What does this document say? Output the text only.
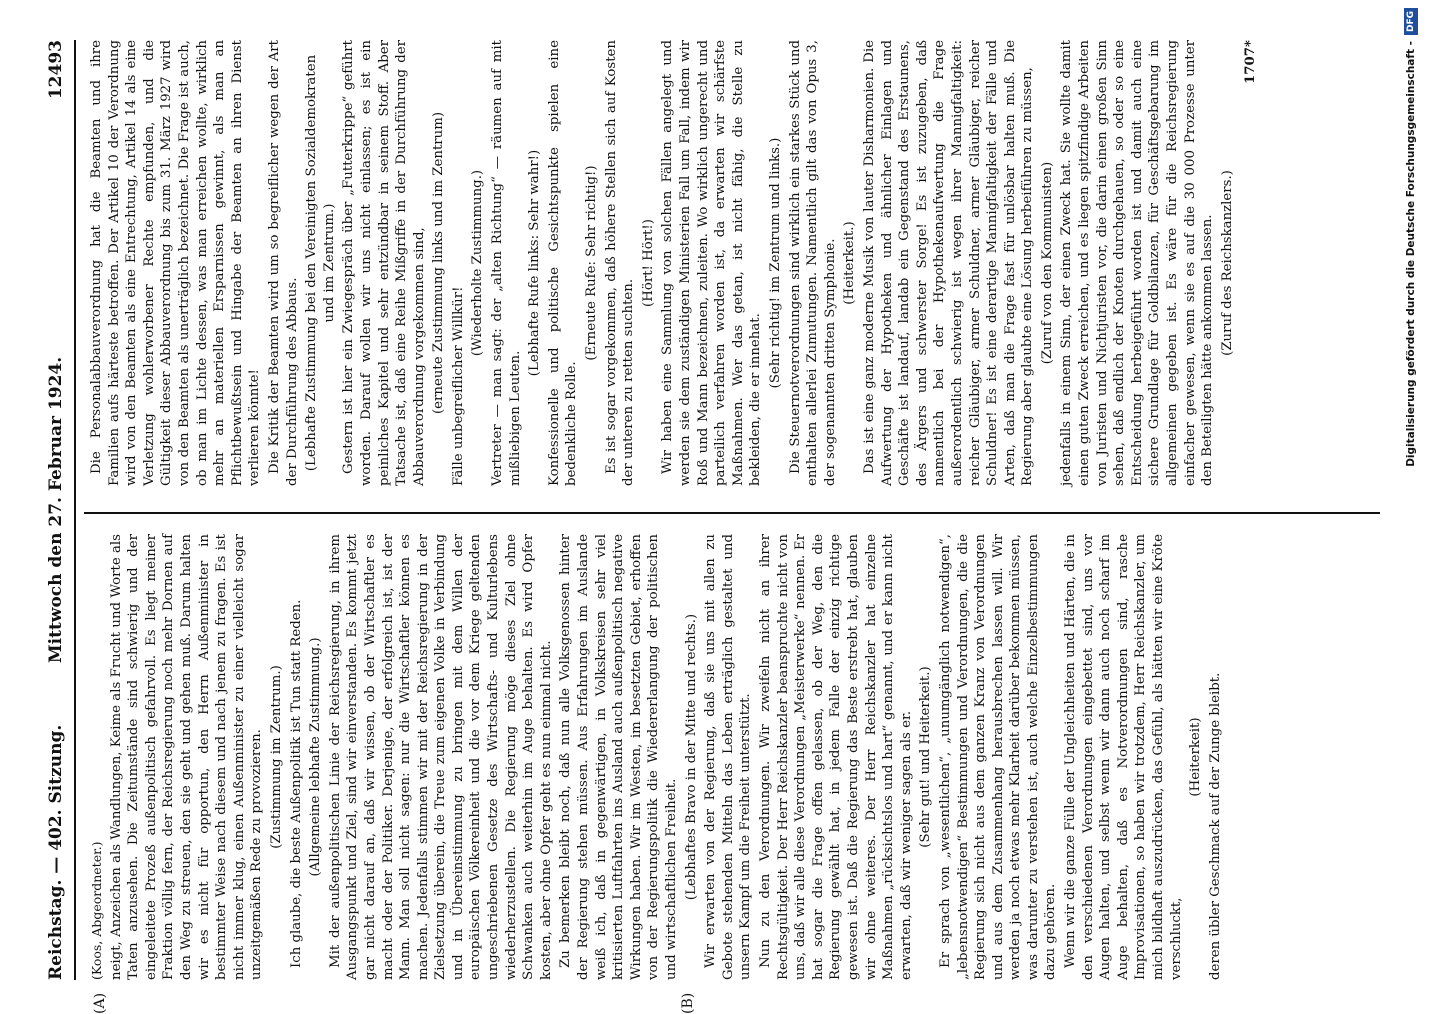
Reichstag. — 402. Sitzung.
Mittwoch den 27. Februar 1924.
12493
(A)	(B)

(Koos, Abgeordneter.) neigt, Anzeichen als Wandlungen, Keime als Frucht und Worte als Taten anzusehen. Die Zeitumstände sind schwierig und der eingeleitete Prozeß außenpolitisch gefahrvoll. Es liegt meiner Fraktion völlig fern, der Reichsregierung noch mehr Dornen auf den Weg zu streuen, den sie geht und gehen muß. Darum halten wir es nicht für opportun, den Herrn Außenminister in bestimmter Weise nach diesem und nach jenem zu fragen. Es ist nicht immer klug, einen Außenminister zu einer vielleicht sogar unzeitgemäßen Rede zu provozieren. (Zustimmung im Zentrum.) Ich glaube, die beste Außenpolitik ist Tun statt Reden. (Allgemeine lebhafte Zustimmung.) Mit der außenpolitischen Linie der Reichsregierung, in ihrem Ausgangspunkt und Ziel, sind wir einverstanden. Es kommt jetzt gar nicht darauf an, daß wir wissen, ob der Wirtschaftler es macht oder der Politiker. Derjenige, der erfolgreich ist, ist der Mann. Man soll nicht sagen: nur die Wirtschaftler können es machen. Jedenfalls stimmen wir mit der Reichsregierung in der Zielsetzung überein, die Treue zum eigenen Volke in Verbindung und in Übereinstimmung zu bringen mit dem Willen der europäischen Völkereinheit und die vor dem Kriege geltenden ungeschriebenen Gesetze des Wirtschafts- und Kulturlebens wiederherzustellen. Die Regierung möge dieses Ziel ohne Schwanken auch weiterhin im Auge behalten. Es wird Opfer kosten, aber ohne Opfer geht es nun einmal nicht. Zu bemerken bleibt noch, daß nun alle Volksgenossen hinter der Regierung stehen müssen. Aus Erfahrungen im Auslande weiß ich, daß in gegenwärtigen, in Volkskreisen sehr viel kritisierten Luftfahrten ins Ausland auch außenpolitisch negative Wirkungen haben. Wir im Westen, im besetzten Gebiet, erhoffen von der Regierungspolitik die Wiedererlangung der politischen und wirtschaftlichen Freiheit. (Lebhaftes Bravo in der Mitte und rechts.) Wir erwarten von der Regierung, daß sie uns mit allen zu Gebote stehenden Mitteln das Leben erträglich gestaltet und unsern Kampf um die Freiheit unterstützt. Nun zu den Verordnungen. Wir zweifeln nicht an ihrer Rechtsgültigkeit. Der Herr Reichskanzler beanspruchte nicht von uns, daß wir alle diese Verordnungen „Meisterwerke“ nennen. Er hat sogar die Frage offen gelassen, ob der Weg, den die Regierung gewählt hat, in jedem Falle der einzig richtige gewesen ist. Daß die Regierung das Beste erstrebt hat, glauben wir ohne weiteres. Der Herr Reichskanzler hat einzelne Maßnahmen „rücksichtslos und hart“ genannt, und er kann nicht erwarten, daß wir weniger sagen als er. (Sehr gut! und Heiterkeit.) Er sprach von „wesentlichen“, „unumgänglich notwendigen“, „lebensnotwendigen“ Bestimmungen und Verordnungen, die die Regierung sich nicht aus dem ganzen Kranz von Verordnungen und aus dem Zusammenhang herausbrechen lassen will. Wir werden ja noch etwas mehr Klarheit darüber bekommen müssen, was darunter zu verstehen ist, auch welche Einzelbestimmungen dazu gehören. Wenn wir die ganze Fülle der Ungleichheiten und Härten, die in den verschiedenen Verordnungen eingebettet sind, uns vor Augen halten, und selbst wenn wir dann auch noch scharf im Auge behalten, daß es Notverordnungen sind, rasche Improvisationen, so haben wir trotzdem, Herr Reichskanzler, um mich bildhaft auszudrücken, das Gefühl, als hätten wir eine Kröte verschluckt,

(Heiterkeit) deren übler Geschmack auf der Zunge bleibt.

Die Personalabbauverordnung hat die Beamten und ihre Familien aufs härteste betroffen. Der Artikel 10 der Verordnung wird von den Beamten als eine Entrechtung, Artikel 14 als eine Verletzung wohlerworbener Rechte empfunden, und die Gültigkeit dieser Abbauverordnung bis zum 31. März 1927 wird von den Beamten als unerträglich bezeichnet. Die Frage ist auch, ob man im Lichte dessen, was man erreichen wollte, wirklich mehr an materiellen Ersparnissen gewinnt, als man an Pflichtbewußtsein und Hingabe der Beamten an ihren Dienst verlieren könnte! Die Kritik der Beamten wird um so begreiflicher wegen der Art der Durchführung des Abbaus. (Lebhafte Zustimmung bei den Vereinigten Sozialdemokraten und im Zentrum.) Gestern ist hier ein Zwiegespräch über „Futterkrippe“ geführt worden. Darauf wollen wir uns nicht einlassen; es ist ein peinliches Kapitel und sehr entzündbar in seinem Stoff. Aber Tatsache ist, daß eine Reihe Mißgriffe in der Durchführung der Abbauverordnung vorgekommen sind, (erneute Zustimmung links und im Zentrum) Fälle unbegreiflicher Willkür!

(Wiederholte Zustimmung.) Vertreter — man sagt: der „alten Richtung“ — räumen auf mit mißliebigen Leuten.

(Lebhafte Rufe links: Sehr wahr!) Konfessionelle und politische Gesichtspunkte spielen eine bedenkliche Rolle.

(Erneute Rufe: Sehr richtig!) Es ist sogar vorgekommen, daß höhere Stellen sich auf Kosten der unteren zu retten suchten.

(Hört! Hört!) Wir haben eine Sammlung von solchen Fällen angelegt und werden sie dem zuständigen Ministerien Fall um Fall, indem wir Roß und Mann bezeichnen, zuleiten. Wo wirklich ungerecht und parteilich verfahren worden ist, da erwarten wir schärfste Maßnahmen. Wer das getan, ist nicht fähig, die Stelle zu bekleiden, die er innehat.

(Sehr richtig! im Zentrum und links.) Die Steuernotverordnungen sind wirklich ein starkes Stück und enthalten allerlei Zumutungen. Namentlich gilt das von Opus 3, der sogenannten dritten Symphonie. (Heiterkeit.) Das ist eine ganz moderne Musik von lauter Disharmonien. Die Aufwertung der Hypotheken und ähnlicher Einlagen und Geschäfte ist landauf, landab ein Gegenstand des Erstaunens, des Ärgers und schwerster Sorge! Es ist zuzugeben, daß namentlich bei der Hypothekenaufwertung die Frage außerordentlich schwierig ist wegen ihrer Mannigfaltigkeit: reicher Gläubiger, armer Schuldner, armer Gläubiger, reicher Schuldner! Es ist eine derartige Mannigfaltigkeit der Fälle und Arten, daß man die Frage fast für unlösbar halten muß. Die Regierung aber glaubte eine Lösung herbeiführen zu müssen, (Zuruf von den Kommunisten) jedenfalls in einem Sinn, der einen Zweck hat. Sie wollte damit einen guten Zweck erreichen, und es liegen spitzfindige Arbeiten von Juristen und Nichtjuristen vor, die darin einen großen Sinn sehen, daß endlich der Knoten durchgehauen, so oder so eine Entscheidung herbeigeführt worden ist und damit auch eine sichere Grundlage für Goldbilanzen, für Geschäftsgebarung im allgemeinen gegeben ist. Es wäre für die Reichsregierung einfacher gewesen, wenn sie es auf die 30 000 Prozesse unter den Beteiligten hätte ankommen lassen. (Zuruf des Reichskanzlers.)

1707*	Digitalisierung gefördert durch die Deutsche Forschungsgemeinschaft -DFG
